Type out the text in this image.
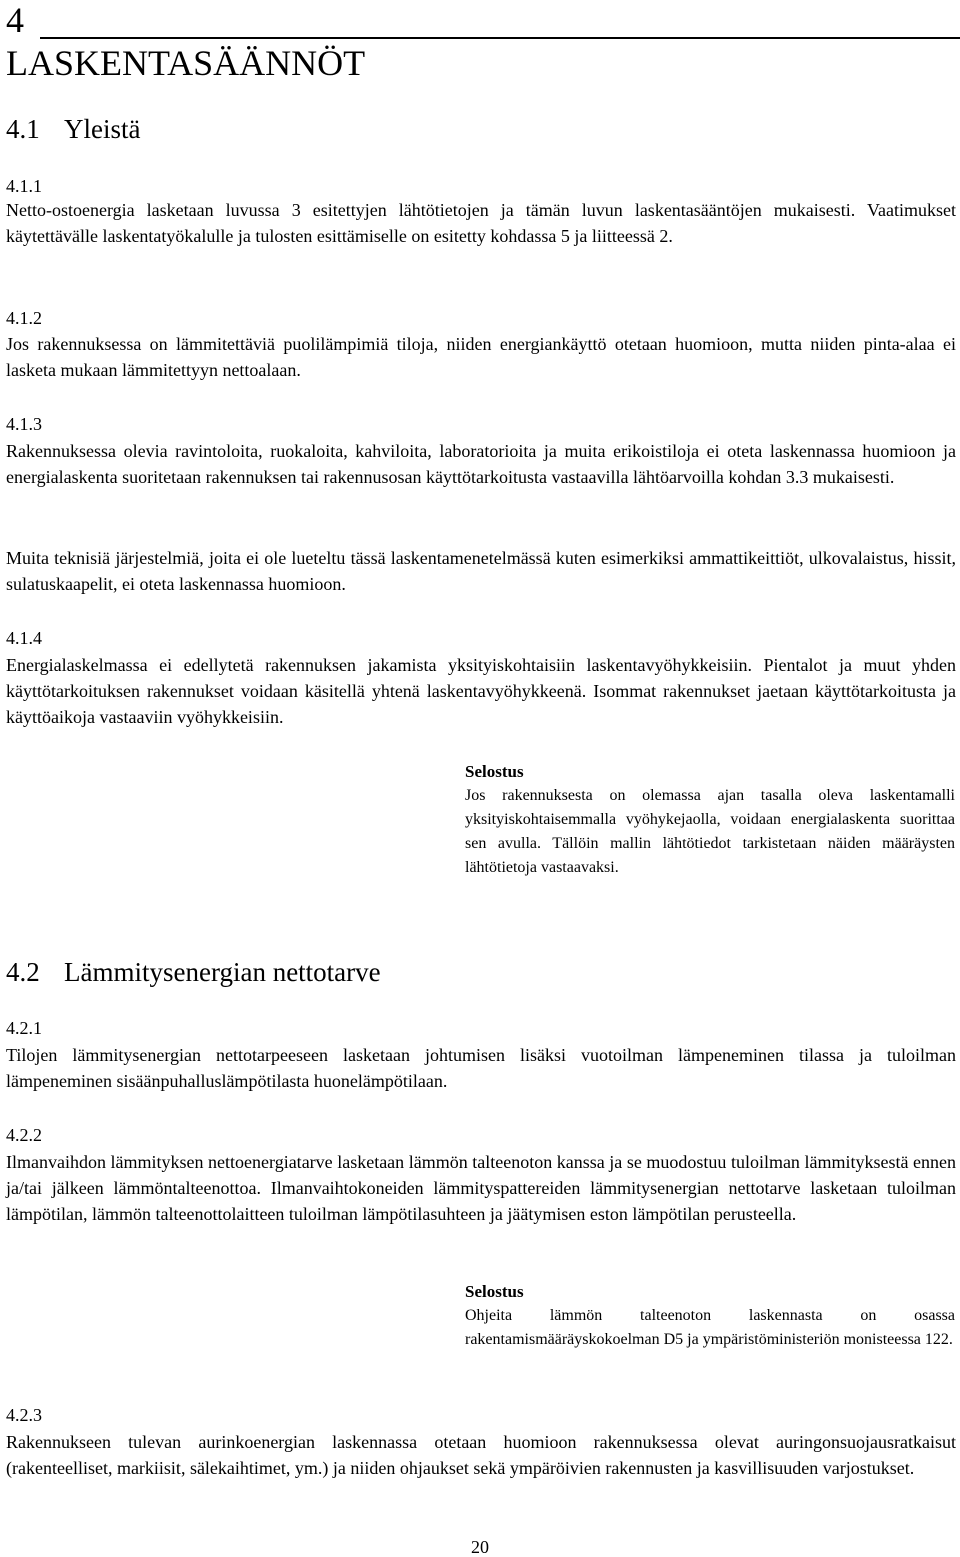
4
LASKENTASÄÄNNÖT
4.1 Yleistä
4.1.1

Netto-ostoenergia lasketaan luvussa 3 esitettyjen lähtötietojen ja tämän luvun laskentasääntöjen mukaisesti. Vaatimukset käytettävälle laskentatyökalulle ja tulosten esittämiselle on esitetty kohdassa 5 ja liitteessä 2.

4.1.2

Jos rakennuksessa on lämmitettäviä puolilämpimiä tiloja, niiden energiankäyttö otetaan huomioon, mutta niiden pinta-alaa ei lasketa mukaan lämmitettyyn nettoalaan.

4.1.3

Rakennuksessa olevia ravintoloita, ruokaloita, kahviloita, laboratorioita ja muita erikoistiloja ei oteta laskennassa huomioon ja energialaskenta suoritetaan rakennuksen tai rakennusosan käyttötarkoitusta vastaavilla lähtöarvoilla kohdan 3.3 mukaisesti.

Muita teknisiä järjestelmiä, joita ei ole lueteltu tässä laskentamenetelmässä kuten esimerkiksi ammattikeittiöt, ulkovalaistus, hissit, sulatuskaapelit, ei oteta laskennassa huomioon.

4.1.4

Energialaskelmassa ei edellytetä rakennuksen jakamista yksityiskohtaisiin laskentavyöhykkeisiin. Pientalot ja muut yhden käyttötarkoituksen rakennukset voidaan käsitellä yhtenä laskentavyöhykkeenä. Isommat rakennukset jaetaan käyttötarkoitusta ja käyttöaikoja vastaaviin vyöhykkeisiin.

Selostus
Jos rakennuksesta on olemassa ajan tasalla oleva laskentamalli yksityiskohtaisemmalla vyöhykejaolla, voidaan energialaskenta suorittaa sen avulla. Tällöin mallin lähtötiedot tarkistetaan näiden määräysten lähtötietoja vastaavaksi.
4.2 Lämmitysenergian nettotarve
4.2.1

Tilojen lämmitysenergian nettotarpeeseen lasketaan johtumisen lisäksi vuotoilman lämpeneminen tilassa ja tuloilman lämpeneminen sisäänpuhalluslämpötilasta huonelämpötilaan.

4.2.2

Ilmanvaihdon lämmityksen nettoenergiatarve lasketaan lämmön talteenoton kanssa ja se muodostuu tuloilman lämmityksestä ennen ja/tai jälkeen lämmöntalteenottoa. Ilmanvaihtokoneiden lämmityspattereiden lämmitysenergian nettotarve lasketaan tuloilman lämpötilan, lämmön talteenottolaitteen tuloilman lämpötilasuhteen ja jäätymisen eston lämpötilan perusteella.

Selostus
Ohjeita lämmön talteenoton laskennasta on osassa rakentamismääräyskokoelman D5 ja ympäristöministeriön monisteessa 122.
4.2.3

Rakennukseen tulevan aurinkoenergian laskennassa otetaan huomioon rakennuksessa olevat auringonsuojausratkaisut (rakenteelliset, markiisit, sälekaihtimet, ym.) ja niiden ohjaukset sekä ympäröivien rakennusten ja kasvillisuuden varjostukset.

20
